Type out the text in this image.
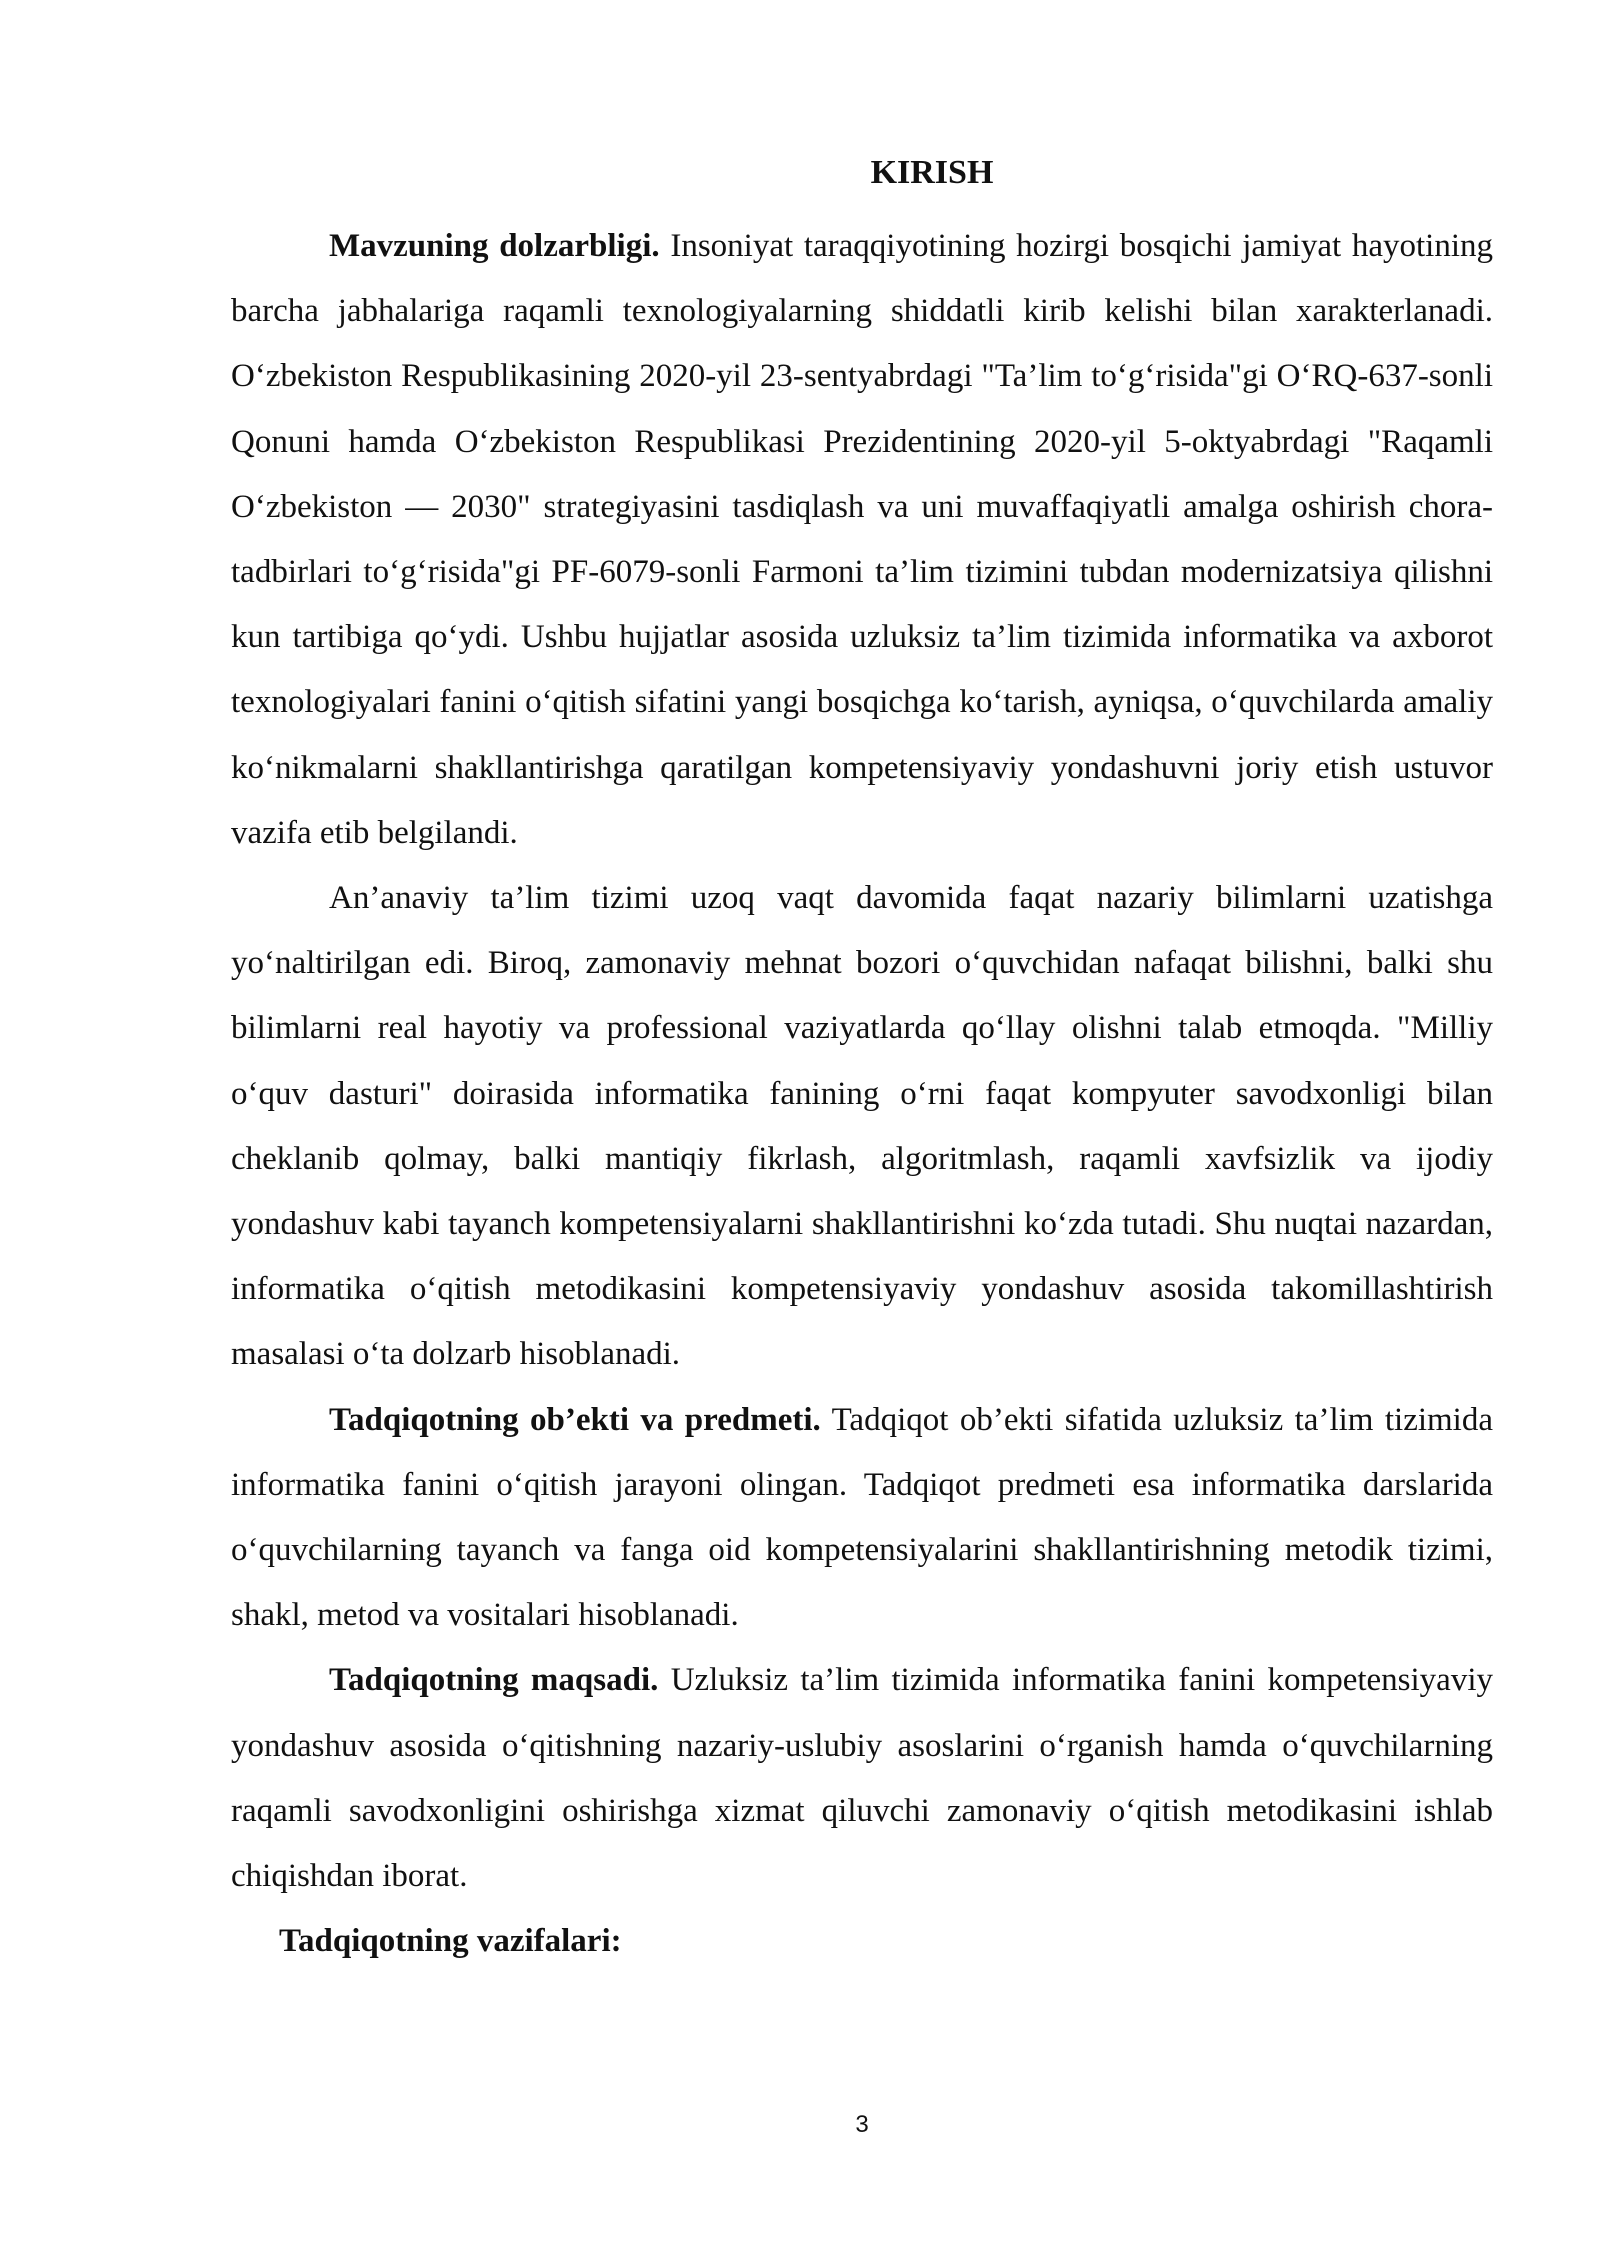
KIRISH

Mavzuning dolzarbligi. Insoniyat taraqqiyotining hozirgi bosqichi jamiyat hayotining barcha jabhalariga raqamli texnologiyalarning shiddatli kirib kelishi bilan xarakterlanadi. O‘zbekiston Respublikasining 2020-yil 23-sentyabrdagi "Ta’lim to‘g‘risida"gi O‘RQ-637-sonli Qonuni hamda O‘zbekiston Respublikasi Prezidentining 2020-yil 5-oktyabrdagi "Raqamli O‘zbekiston — 2030" strategiyasini tasdiqlash va uni muvaffaqiyatli amalga oshirish chora-tadbirlari to‘g‘risida"gi PF-6079-sonli Farmoni ta’lim tizimini tubdan modernizatsiya qilishni kun tartibiga qo‘ydi. Ushbu hujjatlar asosida uzluksiz ta’lim tizimida informatika va axborot texnologiyalari fanini o‘qitish sifatini yangi bosqichga ko‘tarish, ayniqsa, o‘quvchilarda amaliy ko‘nikmalarni shakllantirishga qaratilgan kompetensiyaviy yondashuvni joriy etish ustuvor vazifa etib belgilandi.

An’anaviy ta’lim tizimi uzoq vaqt davomida faqat nazariy bilimlarni uzatishga yo‘naltirilgan edi. Biroq, zamonaviy mehnat bozori o‘quvchidan nafaqat bilishni, balki shu bilimlarni real hayotiy va professional vaziyatlarda qo‘llay olishni talab etmoqda. "Milliy o‘quv dasturi" doirasida informatika fanining o‘rni faqat kompyuter savodxonligi bilan cheklanib qolmay, balki mantiqiy fikrlash, algoritmlash, raqamli xavfsizlik va ijodiy yondashuv kabi tayanch kompetensiyalarni shakllantirishni ko‘zda tutadi. Shu nuqtai nazardan, informatika o‘qitish metodikasini kompetensiyaviy yondashuv asosida takomillashtirish masalasi o‘ta dolzarb hisoblanadi.

Tadqiqotning ob’ekti va predmeti. Tadqiqot ob’ekti sifatida uzluksiz ta’lim tizimida informatika fanini o‘qitish jarayoni olingan. Tadqiqot predmeti esa informatika darslarida o‘quvchilarning tayanch va fanga oid kompetensiyalarini shakllantirishning metodik tizimi, shakl, metod va vositalari hisoblanadi.

Tadqiqotning maqsadi. Uzluksiz ta’lim tizimida informatika fanini kompetensiyaviy yondashuv asosida o‘qitishning nazariy-uslubiy asoslarini o‘rganish hamda o‘quvchilarning raqamli savodxonligini oshirishga xizmat qiluvchi zamonaviy o‘qitish metodikasini ishlab chiqishdan iborat.

Tadqiqotning vazifalari:

3
